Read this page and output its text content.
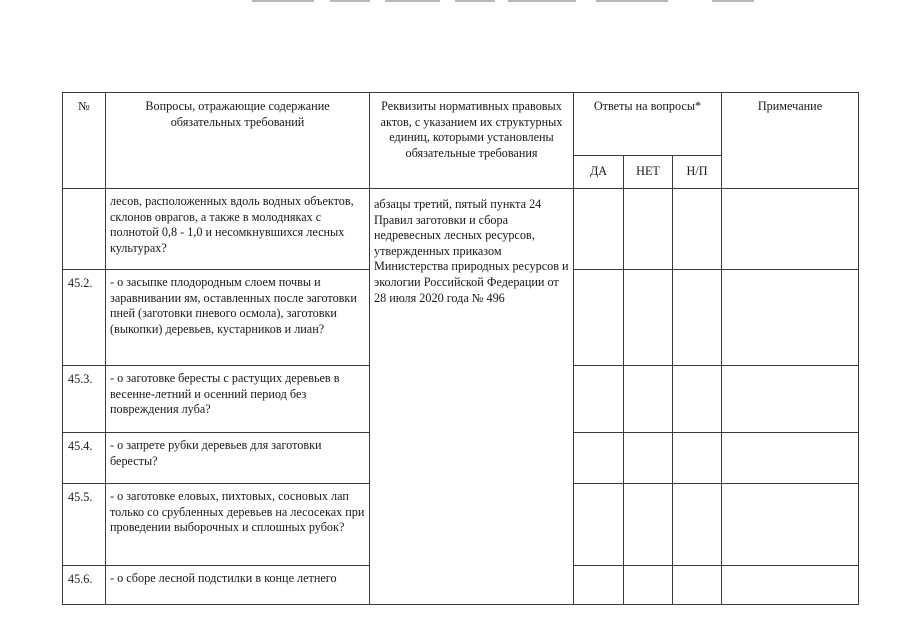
№	Вопросы, отражающие содержание обязательных требований	Реквизиты нормативных правовых актов, с указанием их структурных единиц, которыми установлены обязательные требования	Ответы на вопросы*			Примечание
			ДА	НЕТ	Н/П	
	лесов, расположенных вдоль водных объектов, склонов оврагов, а также в молодняках с полнотой 0,8 - 1,0 и несомкнувшихся лесных культурах?	абзацы третий, пятый пункта 24 Правил заготовки и сбора недревесных лесных ресурсов, утвержденных приказом Министерства природных ресурсов и экологии Российской Федерации от 28 июля 2020 года № 496				
45.2.	- о засыпке плодородным слоем почвы и заравнивании ям, оставленных после заготовки пней (заготовки пневого осмола), заготовки (выкопки) деревьев, кустарников и лиан?					
45.3.	- о заготовке бересты с растущих деревьев в весенне-летний и осенний период без повреждения луба?					
45.4.	- о запрете рубки деревьев для заготовки бересты?					
45.5.	- о заготовке еловых, пихтовых, сосновых лап только со срубленных деревьев на лесосеках при проведении выборочных и сплошных рубок?					
45.6.	- о сборе лесной подстилки в конце летнего					
